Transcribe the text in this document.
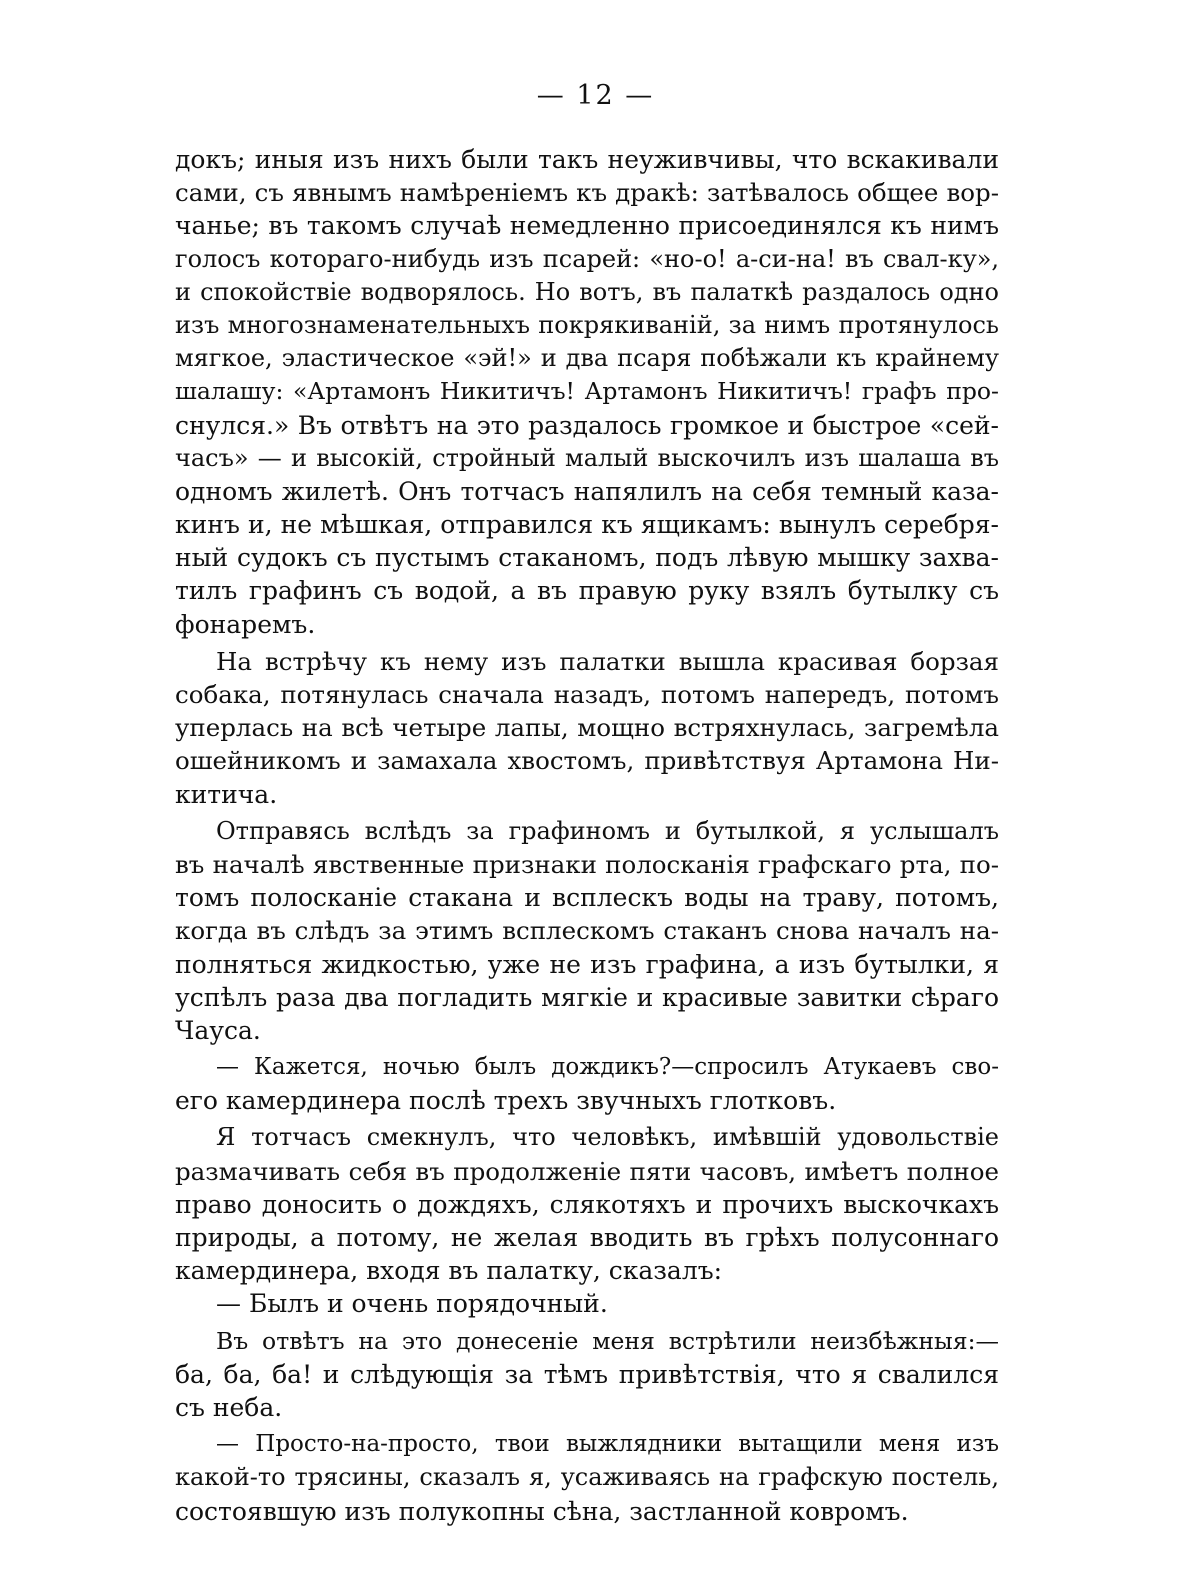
— 12 —
докъ; иныя изъ нихъ были такъ неуживчивы, что вскакивали
сами, съ явнымъ намѣреніемъ къ дракѣ: затѣвалось общее вор-
чанье; въ такомъ случаѣ немедленно присоединялся къ нимъ
голосъ котораго-нибудь изъ псарей: «но-о! а-си-на! въ свал-ку»,
и спокойствіе водворялось. Но вотъ, въ палаткѣ раздалось одно
изъ многознаменательныхъ покрякиваній, за нимъ протянулось
мягкое, эластическое «эй!» и два псаря побѣжали къ крайнему
шалашу: «Артамонъ Никитичъ! Артамонъ Никитичъ! графъ про-
снулся.» Въ отвѣтъ на это раздалось громкое и быстрое «сей-
часъ» — и высокій, стройный малый выскочилъ изъ шалаша въ
одномъ жилетѣ. Онъ тотчасъ напялилъ на себя темный каза-
кинъ и, не мѣшкая, отправился къ ящикамъ: вынулъ серебря-
ный судокъ съ пустымъ стаканомъ, подъ лѣвую мышку захва-
тилъ графинъ съ водой, а въ правую руку взялъ бутылку съ
фонаремъ.
На встрѣчу къ нему изъ палатки вышла красивая борзая
собака, потянулась сначала назадъ, потомъ напередъ, потомъ
уперлась на всѣ четыре лапы, мощно встряхнулась, загремѣла
ошейникомъ и замахала хвостомъ, привѣтствуя Артамона Ни-
китича.
Отправясь вслѣдъ за графиномъ и бутылкой, я услышалъ
въ началѣ явственные признаки полосканія графскаго рта, по-
томъ полосканіе стакана и всплескъ воды на траву, потомъ,
когда въ слѣдъ за этимъ всплескомъ стаканъ снова началъ на-
полняться жидкостью, уже не изъ графина, а изъ бутылки, я
успѣлъ раза два погладить мягкіе и красивые завитки сѣраго
Чауса.
— Кажется, ночью былъ дождикъ?—спросилъ Атукаевъ сво-
его камердинера послѣ трехъ звучныхъ глотковъ.
Я тотчасъ смекнулъ, что человѣкъ, имѣвшій удовольствіе
размачивать себя въ продолженіе пяти часовъ, имѣетъ полное
право доносить о дождяхъ, слякотяхъ и прочихъ выскочкахъ
природы, а потому, не желая вводить въ грѣхъ полусоннаго
камердинера, входя въ палатку, сказалъ:
— Былъ и очень порядочный.
Въ отвѣтъ на это донесеніе меня встрѣтили неизбѣжныя:—
ба, ба, ба! и слѣдующія за тѣмъ привѣтствія, что я свалился
съ неба.
— Просто-на-просто, твои выжлядники вытащили меня изъ
какой-то трясины, сказалъ я, усаживаясь на графскую постель,
состоявшую изъ полукопны сѣна, застланной ковромъ.
